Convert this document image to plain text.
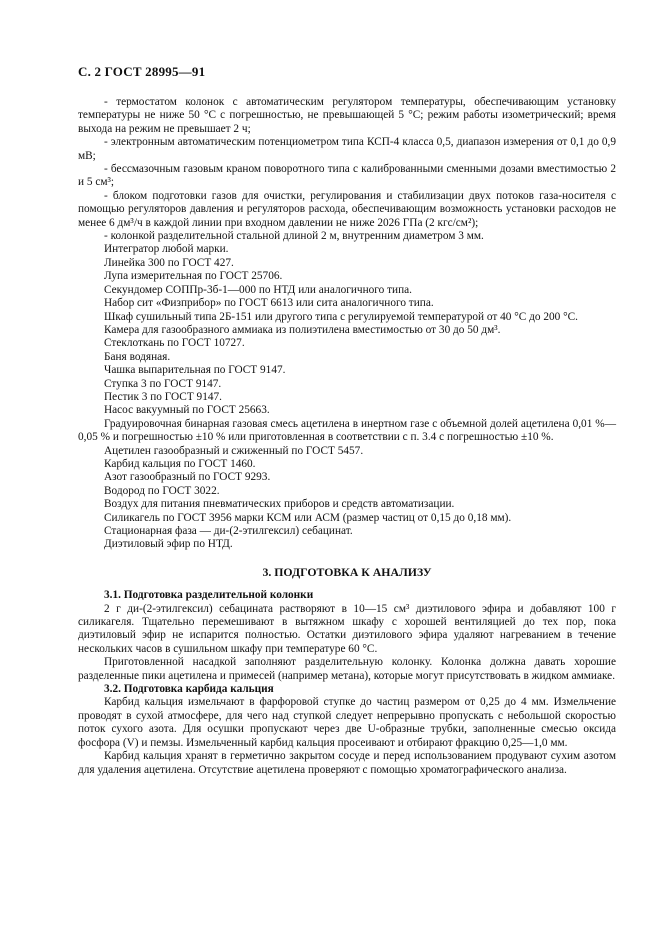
С. 2 ГОСТ 28995—91

- термостатом колонок с автоматическим регулятором температуры, обеспечивающим установку температуры не ниже 50 °С с погрешностью, не превышающей 5 °С; режим работы изометрический; время выхода на режим не превышает 2 ч;

- электронным автоматическим потенциометром типа КСП-4 класса 0,5, диапазон измерения от 0,1 до 0,9 мВ;

- бессмазочным газовым краном поворотного типа с калиброванными сменными дозами вместимостью 2 и 5 см³;

- блоком подготовки газов для очистки, регулирования и стабилизации двух потоков газа-носителя с помощью регуляторов давления и регуляторов расхода, обеспечивающим возможность установки расходов не менее 6 дм³/ч в каждой линии при входном давлении не ниже 2026 ГПа (2 кгс/см²);

- колонкой разделительной стальной длиной 2 м, внутренним диаметром 3 мм.

Интегратор любой марки.

Линейка 300 по ГОСТ 427.

Лупа измерительная по ГОСТ 25706.

Секундомер СОППр-3б-1—000 по НТД или аналогичного типа.

Набор сит «Физприбор» по ГОСТ 6613 или сита аналогичного типа.

Шкаф сушильный типа 2Б-151 или другого типа с регулируемой температурой от 40 °С до 200 °С.

Камера для газообразного аммиака из полиэтилена вместимостью от 30 до 50 дм³.

Стеклоткань по ГОСТ 10727.

Баня водяная.

Чашка выпарительная по ГОСТ 9147.

Ступка 3 по ГОСТ 9147.

Пестик 3 по ГОСТ 9147.

Насос вакуумный по ГОСТ 25663.

Градуировочная бинарная газовая смесь ацетилена в инертном газе с объемной долей ацетилена 0,01 %—0,05 % и погрешностью ±10 % или приготовленная в соответствии с п. 3.4 с погрешностью ±10 %.

Ацетилен газообразный и сжиженный по ГОСТ 5457.

Карбид кальция по ГОСТ 1460.

Азот газообразный по ГОСТ 9293.

Водород по ГОСТ 3022.

Воздух для питания пневматических приборов и средств автоматизации.

Силикагель по ГОСТ 3956 марки КСМ или АСМ (размер частиц от 0,15 до 0,18 мм).

Стационарная фаза — ди-(2-этилгексил) себацинат.

Диэтиловый эфир по НТД.

3. ПОДГОТОВКА К АНАЛИЗУ

3.1. Подготовка разделительной колонки

2 г ди-(2-этилгексил) себацината растворяют в 10—15 см³ диэтилового эфира и добавляют 100 г силикагеля. Тщательно перемешивают в вытяжном шкафу с хорошей вентиляцией до тех пор, пока диэтиловый эфир не испарится полностью. Остатки диэтилового эфира удаляют нагреванием в течение нескольких часов в сушильном шкафу при температуре 60 °С.

Приготовленной насадкой заполняют разделительную колонку. Колонка должна давать хорошие разделенные пики ацетилена и примесей (например метана), которые могут присутствовать в жидком аммиаке.

3.2. Подготовка карбида кальция

Карбид кальция измельчают в фарфоровой ступке до частиц размером от 0,25 до 4 мм. Измельчение проводят в сухой атмосфере, для чего над ступкой следует непрерывно пропускать с небольшой скоростью поток сухого азота. Для осушки пропускают через две U-образные трубки, заполненные смесью оксида фосфора (V) и пемзы. Измельченный карбид кальция просеивают и отбирают фракцию 0,25—1,0 мм.

Карбид кальция хранят в герметично закрытом сосуде и перед использованием продувают сухим азотом для удаления ацетилена. Отсутствие ацетилена проверяют с помощью хроматографического анализа.
